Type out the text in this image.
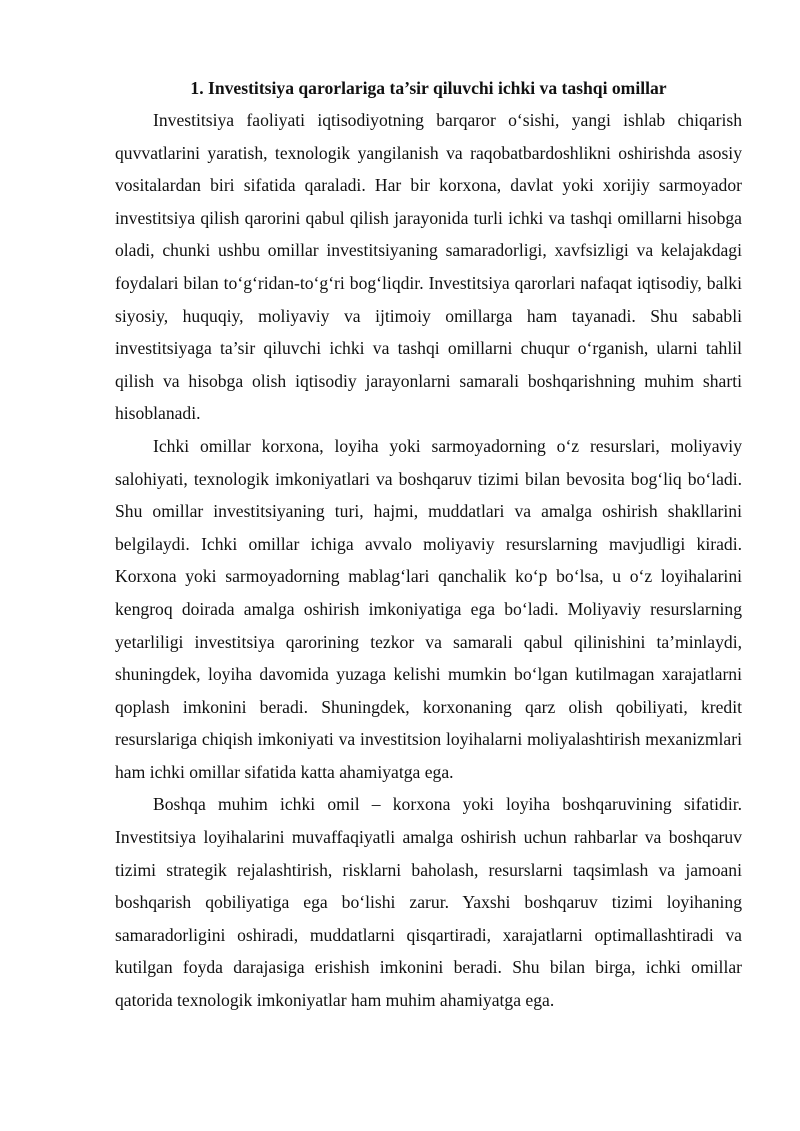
1. Investitsiya qarorlariga ta’sir qiluvchi ichki va tashqi omillar

Investitsiya faoliyati iqtisodiyotning barqaror o‘sishi, yangi ishlab chiqarish quvvatlarini yaratish, texnologik yangilanish va raqobatbardoshlikni oshirishda asosiy vositalardan biri sifatida qaraladi. Har bir korxona, davlat yoki xorijiy sarmoyador investitsiya qilish qarorini qabul qilish jarayonida turli ichki va tashqi omillarni hisobga oladi, chunki ushbu omillar investitsiyaning samaradorligi, xavfsizligi va kelajakdagi foydalari bilan to‘g‘ridan-to‘g‘ri bog‘liqdir. Investitsiya qarorlari nafaqat iqtisodiy, balki siyosiy, huquqiy, moliyaviy va ijtimoiy omillarga ham tayanadi. Shu sababli investitsiyaga ta’sir qiluvchi ichki va tashqi omillarni chuqur o‘rganish, ularni tahlil qilish va hisobga olish iqtisodiy jarayonlarni samarali boshqarishning muhim sharti hisoblanadi.

Ichki omillar korxona, loyiha yoki sarmoyadorning o‘z resurslari, moliyaviy salohiyati, texnologik imkoniyatlari va boshqaruv tizimi bilan bevosita bog‘liq bo‘ladi. Shu omillar investitsiyaning turi, hajmi, muddatlari va amalga oshirish shakllarini belgilaydi. Ichki omillar ichiga avvalo moliyaviy resurslarning mavjudligi kiradi. Korxona yoki sarmoyadorning mablag‘lari qanchalik ko‘p bo‘lsa, u o‘z loyihalarini kengroq doirada amalga oshirish imkoniyatiga ega bo‘ladi. Moliyaviy resurslarning yetarliligi investitsiya qarorining tezkor va samarali qabul qilinishini ta’minlaydi, shuningdek, loyiha davomida yuzaga kelishi mumkin bo‘lgan kutilmagan xarajatlarni qoplash imkonini beradi. Shuningdek, korxonaning qarz olish qobiliyati, kredit resurslariga chiqish imkoniyati va investitsion loyihalarni moliyalashtirish mexanizmlari ham ichki omillar sifatida katta ahamiyatga ega.

Boshqa muhim ichki omil – korxona yoki loyiha boshqaruvining sifatidir. Investitsiya loyihalarini muvaffaqiyatli amalga oshirish uchun rahbarlar va boshqaruv tizimi strategik rejalashtirish, risklarni baholash, resurslarni taqsimlash va jamoani boshqarish qobiliyatiga ega bo‘lishi zarur. Yaxshi boshqaruv tizimi loyihaning samaradorligini oshiradi, muddatlarni qisqartiradi, xarajatlarni optimallashtiradi va kutilgan foyda darajasiga erishish imkonini beradi. Shu bilan birga, ichki omillar qatorida texnologik imkoniyatlar ham muhim ahamiyatga ega.
